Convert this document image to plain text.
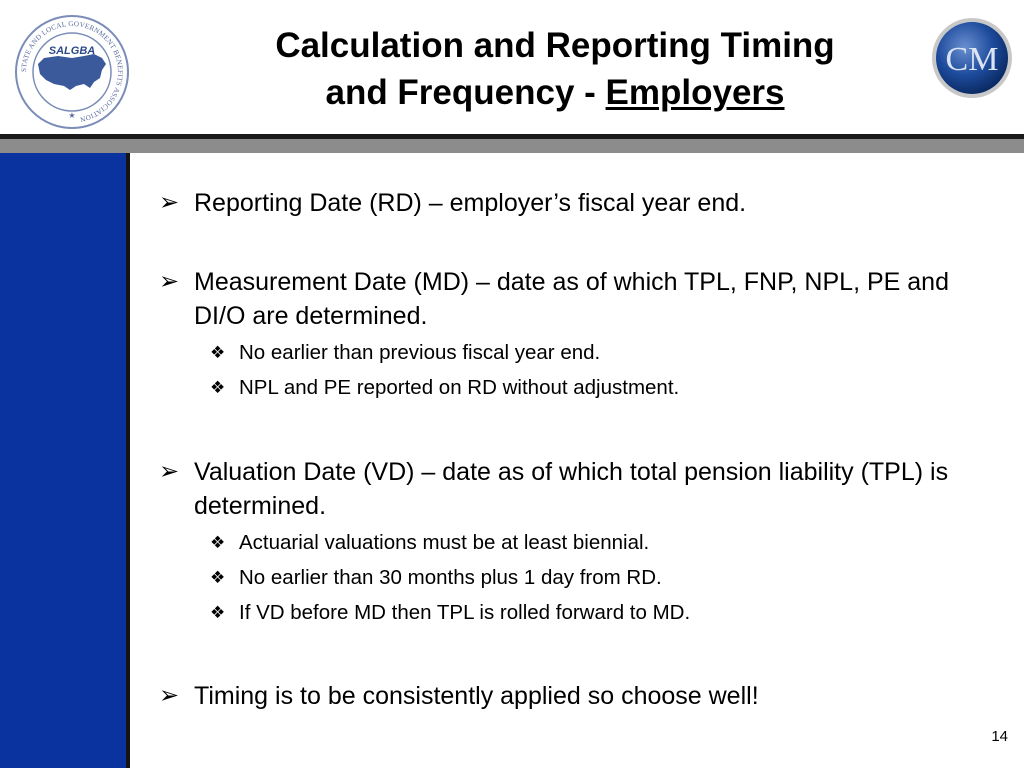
STATE AND LOCAL GOVERNMENT BENEFITS ASSOCIATION
SALGBA
★
Calculation and Reporting Timing
and Frequency - Employers
CM
➢ Reporting Date (RD) – employer’s fiscal year end.
➢ Measurement Date (MD) – date as of which TPL, FNP, NPL, PE and DI/O are determined.
❖ No earlier than previous fiscal year end.
❖ NPL and PE reported on RD without adjustment.
➢ Valuation Date (VD) – date as of which total pension liability (TPL) is determined.
❖ Actuarial valuations must be at least biennial.
❖ No earlier than 30 months plus 1 day from RD.
❖ If VD before MD then TPL is rolled forward to MD.
➢ Timing is to be consistently applied so choose well!
14
